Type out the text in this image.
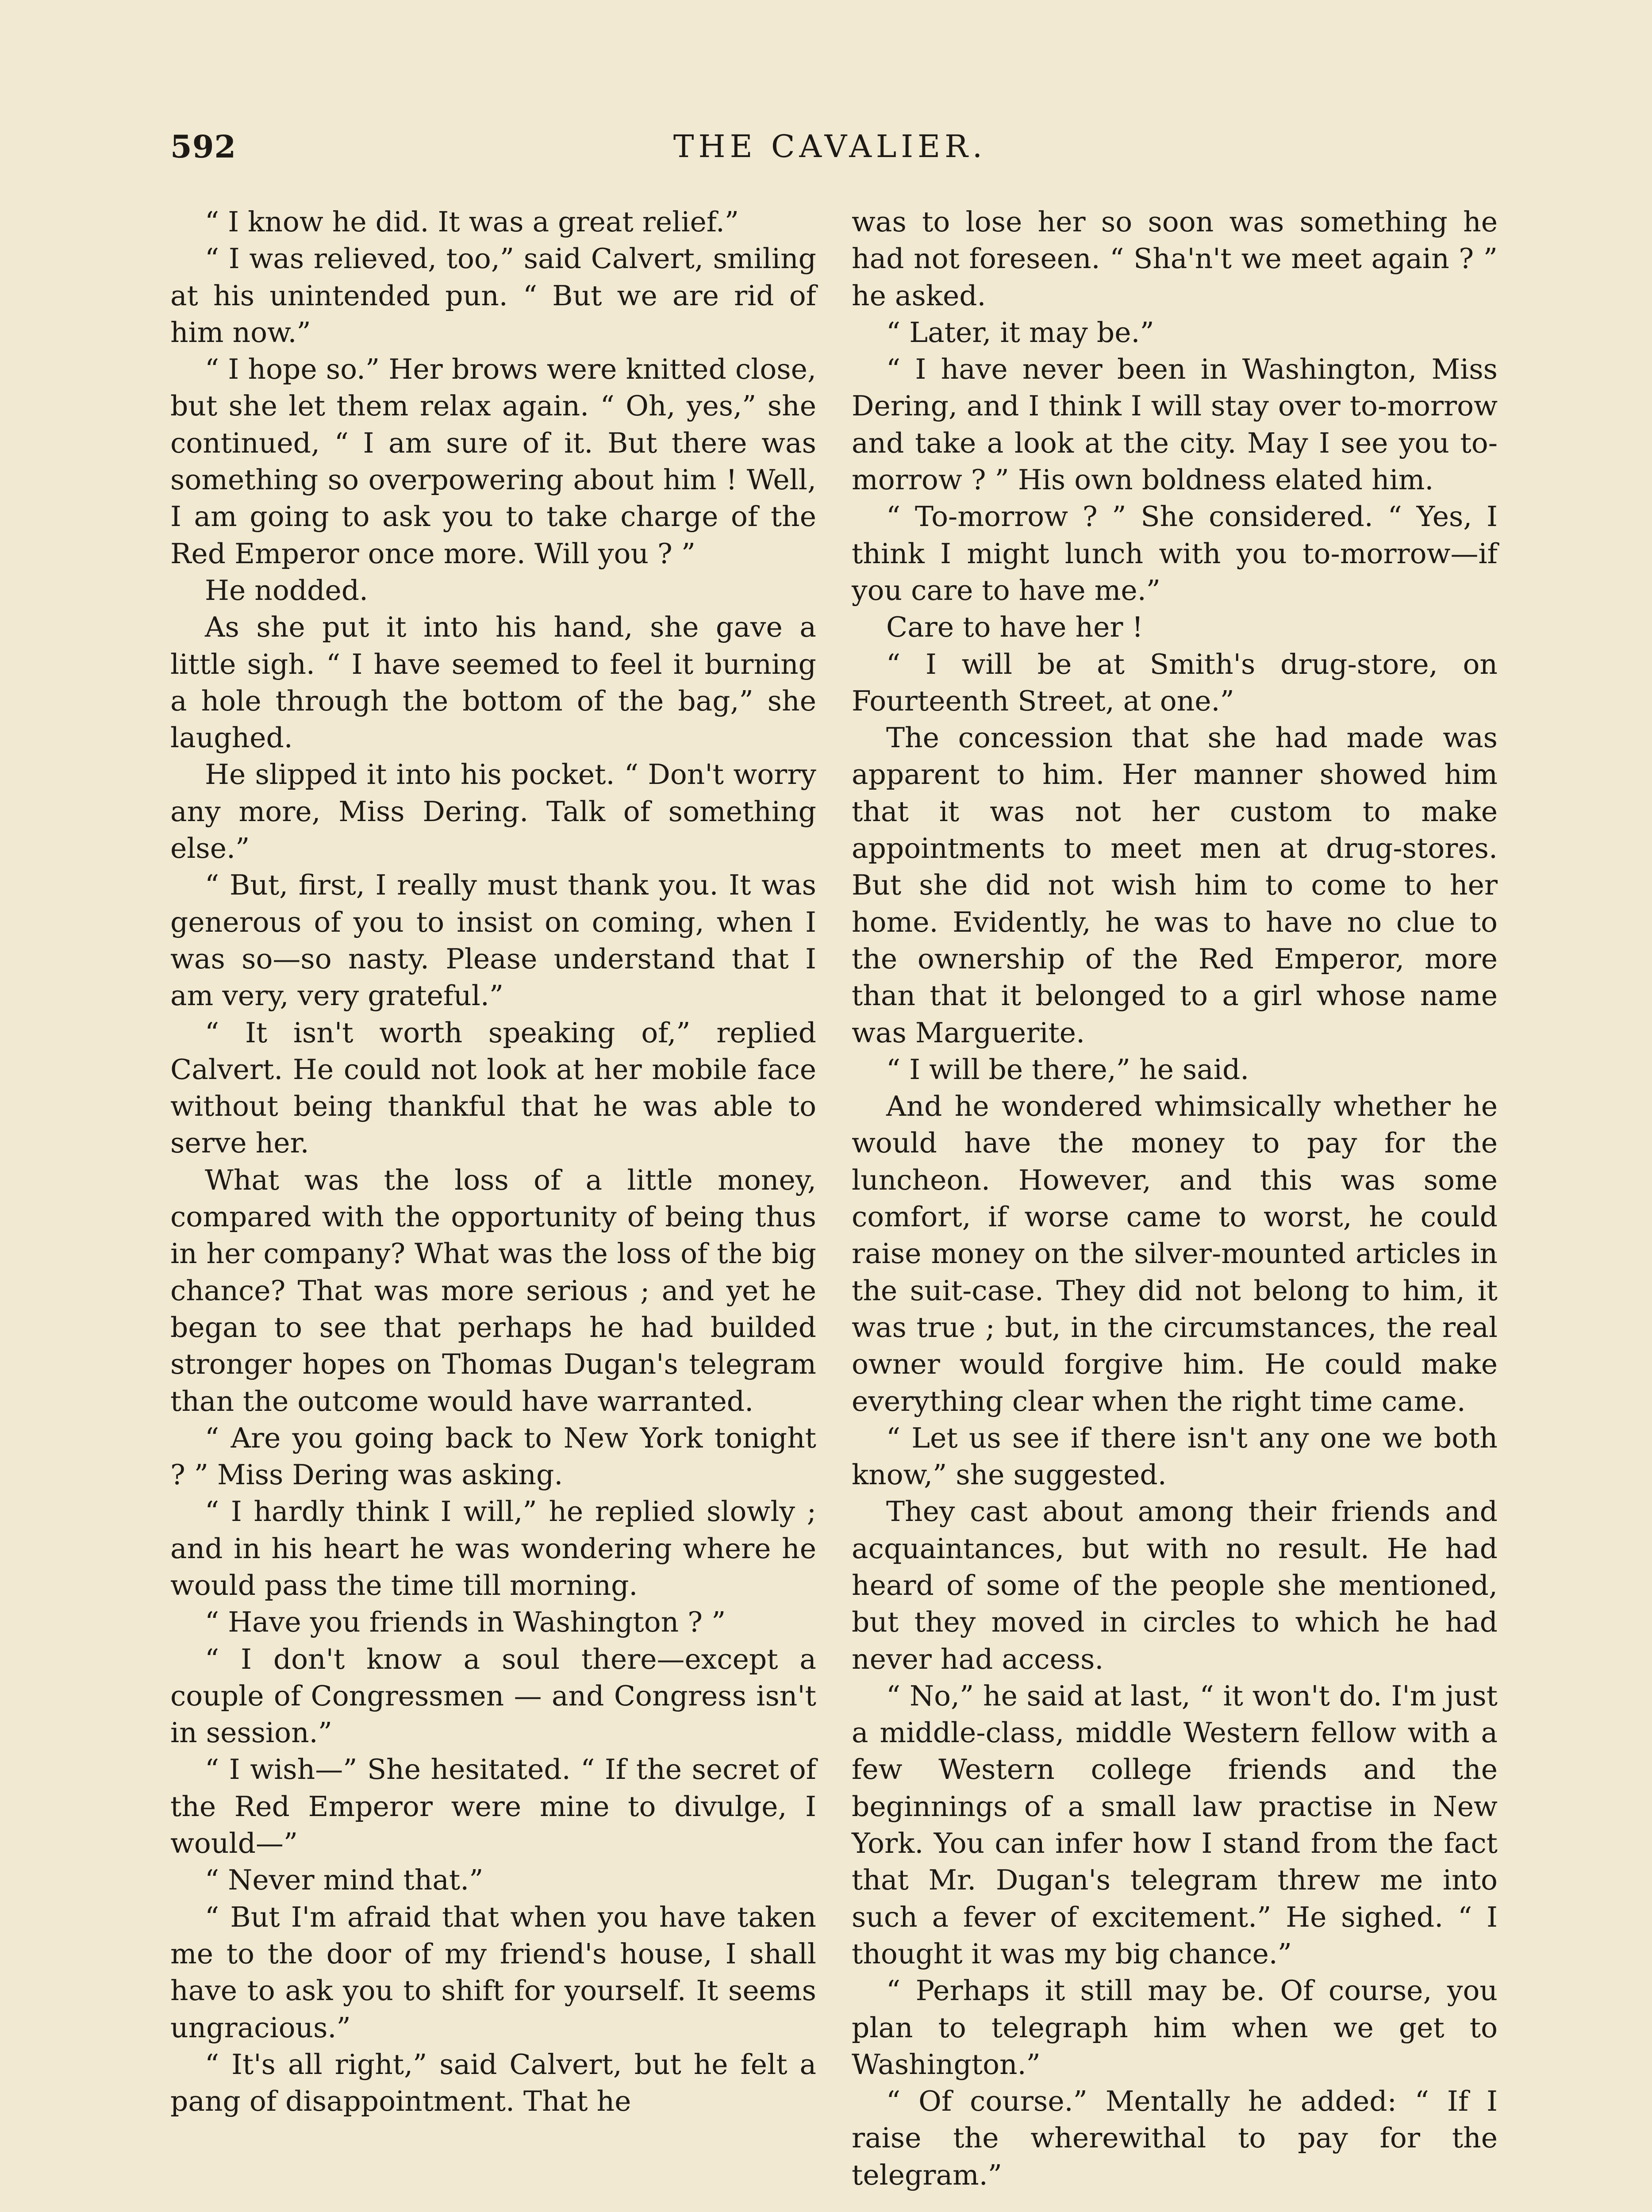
592	THE CAVALIER.

“ I know he did. It was a great relief.”

“ I was relieved, too,” said Calvert, smiling at his unintended pun. “ But we are rid of him now.”

“ I hope so.” Her brows were knitted close, but she let them relax again. “ Oh, yes,” she continued, “ I am sure of it. But there was something so overpowering about him ! Well, I am going to ask you to take charge of the Red Emperor once more. Will you ? ”

He nodded.

As she put it into his hand, she gave a little sigh. “ I have seemed to feel it burning a hole through the bottom of the bag,” she laughed.

He slipped it into his pocket. “ Don't worry any more, Miss Dering. Talk of something else.”

“ But, first, I really must thank you. It was generous of you to insist on coming, when I was so—so nasty. Please understand that I am very, very grateful.”

“ It isn't worth speaking of,” replied Calvert. He could not look at her mobile face without being thankful that he was able to serve her.

What was the loss of a little money, compared with the opportunity of being thus in her company? What was the loss of the big chance? That was more serious ; and yet he began to see that perhaps he had builded stronger hopes on Thomas Dugan's telegram than the outcome would have warranted.

“ Are you going back to New York tonight ? ” Miss Dering was asking.

“ I hardly think I will,” he replied slowly ; and in his heart he was wondering where he would pass the time till morning.

“ Have you friends in Washington ? ”

“ I don't know a soul there—except a couple of Congressmen — and Congress isn't in session.”

“ I wish—” She hesitated. “ If the secret of the Red Emperor were mine to divulge, I would—”

“ Never mind that.”

“ But I'm afraid that when you have taken me to the door of my friend's house, I shall have to ask you to shift for yourself. It seems ungracious.”

“ It's all right,” said Calvert, but he felt a pang of disappointment. That he

was to lose her so soon was something he had not foreseen. “ Sha'n't we meet again ? ” he asked.

“ Later, it may be.”

“ I have never been in Washington, Miss Dering, and I think I will stay over to-morrow and take a look at the city. May I see you to-morrow ? ” His own boldness elated him.

“ To-morrow ? ” She considered. “ Yes, I think I might lunch with you to-morrow—if you care to have me.”

Care to have her !

“ I will be at Smith's drug-store, on Fourteenth Street, at one.”

The concession that she had made was apparent to him. Her manner showed him that it was not her custom to make appointments to meet men at drug-stores. But she did not wish him to come to her home. Evidently, he was to have no clue to the ownership of the Red Emperor, more than that it belonged to a girl whose name was Marguerite.

“ I will be there,” he said.

And he wondered whimsically whether he would have the money to pay for the luncheon. However, and this was some comfort, if worse came to worst, he could raise money on the silver-mounted articles in the suit-case. They did not belong to him, it was true ; but, in the circumstances, the real owner would forgive him. He could make everything clear when the right time came.

“ Let us see if there isn't any one we both know,” she suggested.

They cast about among their friends and acquaintances, but with no result. He had heard of some of the people she mentioned, but they moved in circles to which he had never had access.

“ No,” he said at last, “ it won't do. I'm just a middle-class, middle Western fellow with a few Western college friends and the beginnings of a small law practise in New York. You can infer how I stand from the fact that Mr. Dugan's telegram threw me into such a fever of excitement.” He sighed. “ I thought it was my big chance.”

“ Perhaps it still may be. Of course, you plan to telegraph him when we get to Washington.”

“ Of course.” Mentally he added: “ If I raise the wherewithal to pay for the telegram.”
